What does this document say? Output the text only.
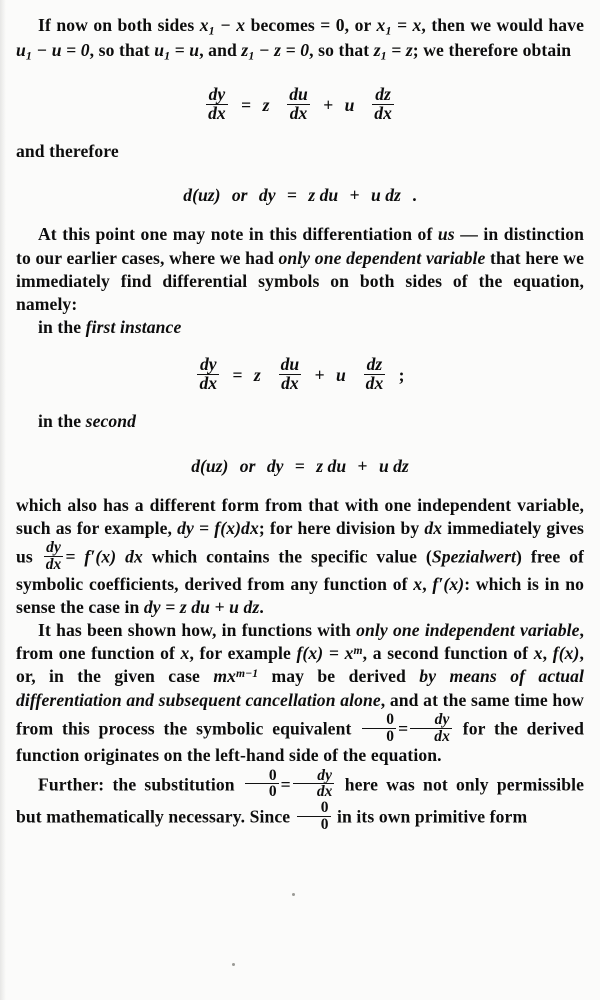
If now on both sides $x_1 - x$ becomes = 0, or $x_1 = x$, then we would have $u_1 - u = 0$, so that $u_1 = u$, and $z_1 - z = 0$, so that $z_1 = z$; we therefore obtain

$\frac{dy}{dx} = z \frac{du}{dx} + u \frac{dz}{dx}$

and therefore

d(uz) or dy = z du + u dz .

At this point one may note in this differentiation of us — in distinction to our earlier cases, where we had only one dependent variable that here we immediately find differential symbols on both sides of the equation, namely:

in the first instance

$\frac{dy}{dx} = z \frac{du}{dx} + u \frac{dz}{dx}$ ;

in the second

d(uz) or dy = z du + u dz

which also has a different form from that with one independent variable, such as for example, dy = f(x)dx; for here division by dx immediately gives us $\frac{dy}{dx} = f'(x)$ dx which contains the specific value (Spezialwert) free of symbolic coefficients, derived from any function of x, f′(x): which is in no sense the case in dy = z du + u dz.

It has been shown how, in functions with only one independent variable, from one function of x, for example $f(x) = x^m$, a second function of x, f(x), or, in the given case $mx^{m-1}$ may be derived by means of actual differentiation and subsequent cancellation alone, and at the same time how from this process the symbolic equivalent $\frac{0}{0} = \frac{dy}{dx}$ for the derived function originates on the left-hand side of the equation.

Further: the substitution $\frac{0}{0} = \frac{dy}{dx}$ here was not only permissible but mathematically necessary. Since $\frac{0}{0}$ in its own primitive form
